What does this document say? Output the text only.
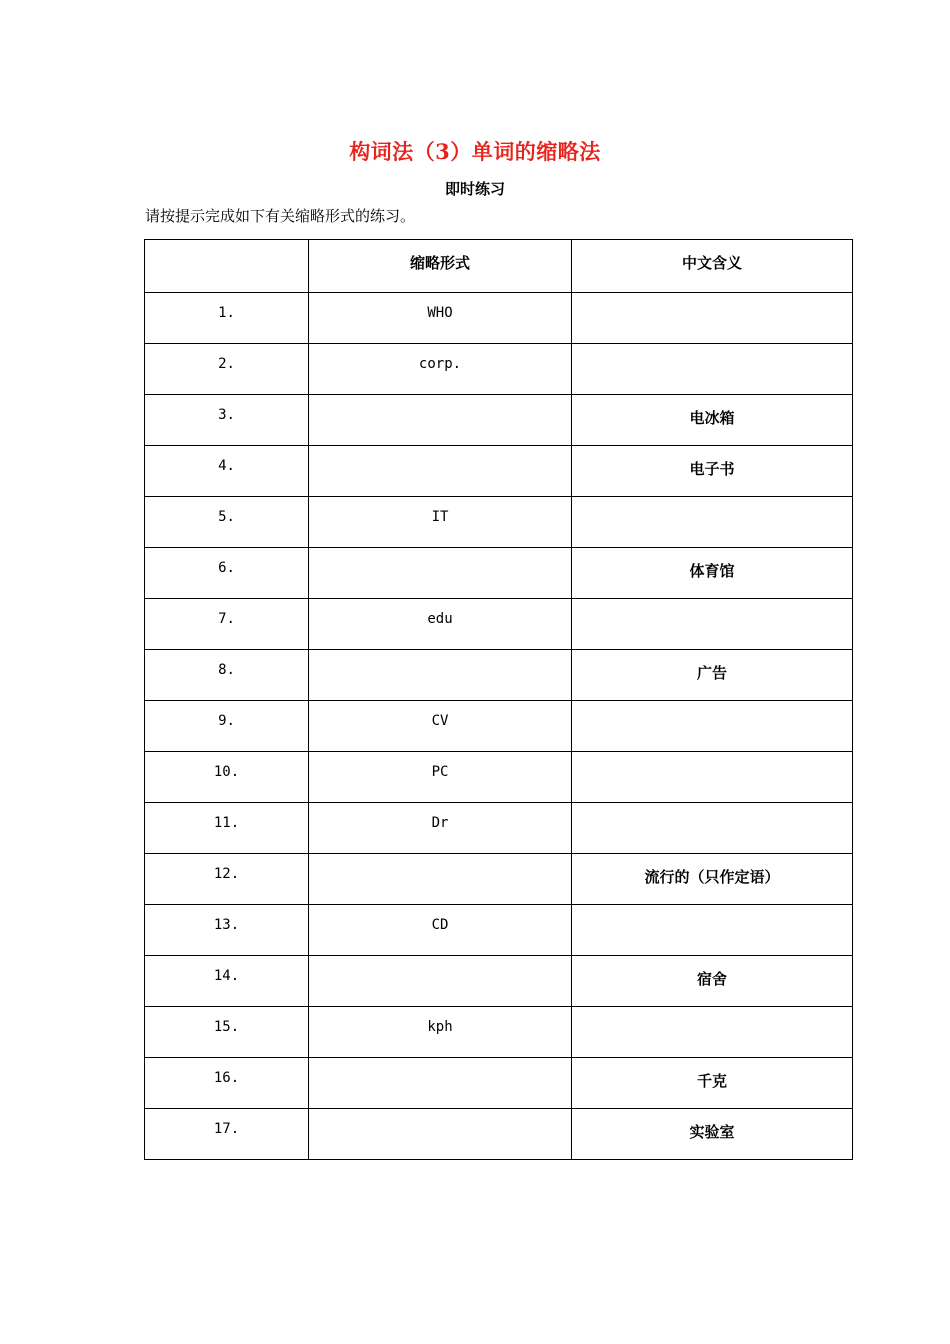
构词法（3）单词的缩略法
即时练习
请按提示完成如下有关缩略形式的练习。
	缩略形式	中文含义
1.	WHO	
2.	corp.	
3.		电冰箱
4.		电子书
5.	IT	
6.		体育馆
7.	edu	
8.		广告
9.	CV	
10.	PC	
11.	Dr	
12.		流行的（只作定语）
13.	CD	
14.		宿舍
15.	kph	
16.		千克
17.		实验室
